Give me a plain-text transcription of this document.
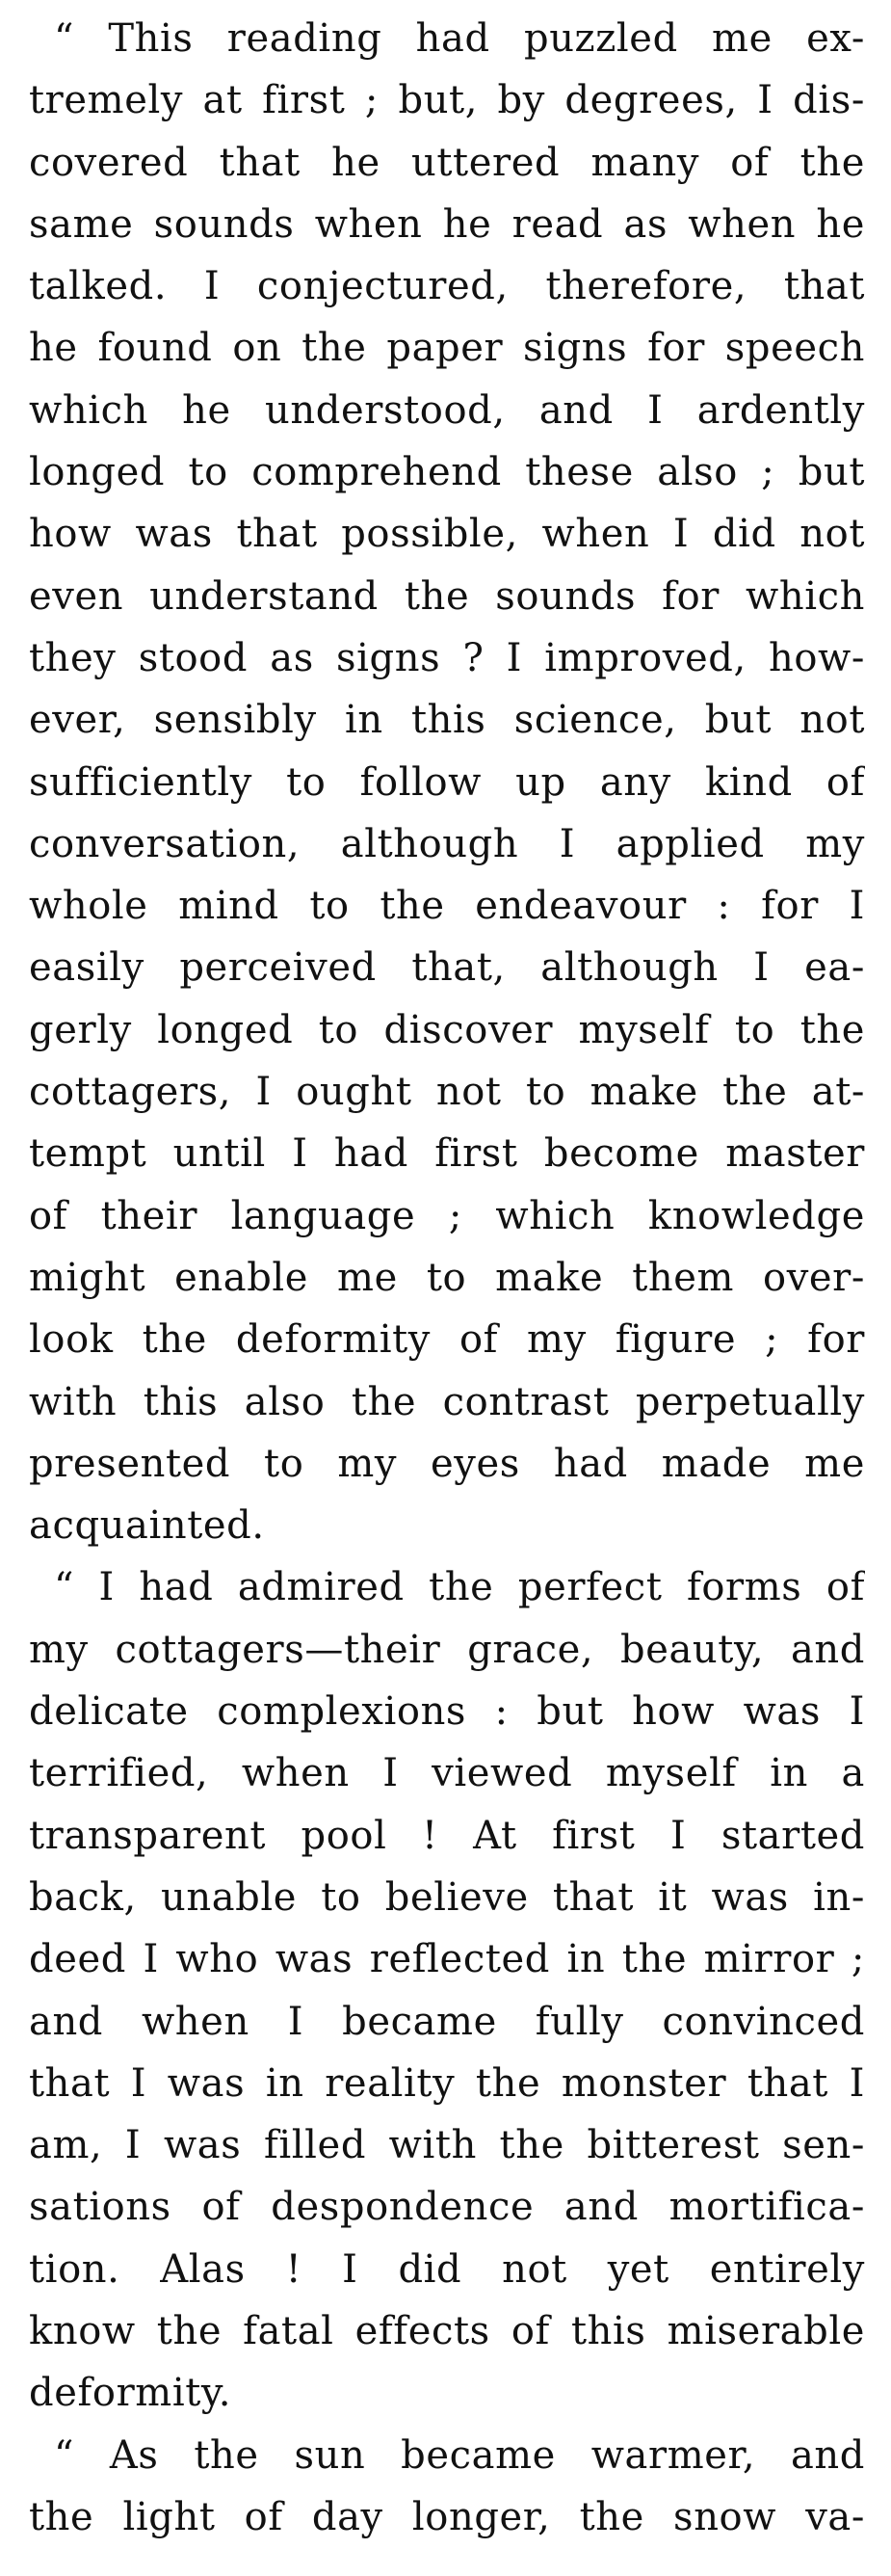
“ This reading had puzzled me ex-
tremely at first ; but, by degrees, I dis-
covered that he uttered many of the
same sounds when he read as when he
talked. I conjectured, therefore, that
he found on the paper signs for speech
which he understood, and I ardently
longed to comprehend these also ; but
how was that possible, when I did not
even understand the sounds for which
they stood as signs ? I improved, how-
ever, sensibly in this science, but not
sufficiently to follow up any kind of
conversation, although I applied my
whole mind to the endeavour : for I
easily perceived that, although I ea-
gerly longed to discover myself to the
cottagers, I ought not to make the at-
tempt until I had first become master
of their language ; which knowledge
might enable me to make them over-
look the deformity of my figure ; for
with this also the contrast perpetually
presented to my eyes had made me
acquainted.
“ I had admired the perfect forms of
my cottagers—their grace, beauty, and
delicate complexions : but how was I
terrified, when I viewed myself in a
transparent pool ! At first I started
back, unable to believe that it was in-
deed I who was reflected in the mirror ;
and when I became fully convinced
that I was in reality the monster that I
am, I was filled with the bitterest sen-
sations of despondence and mortifica-
tion. Alas ! I did not yet entirely
know the fatal effects of this miserable
deformity.
“ As the sun became warmer, and
the light of day longer, the snow va-
